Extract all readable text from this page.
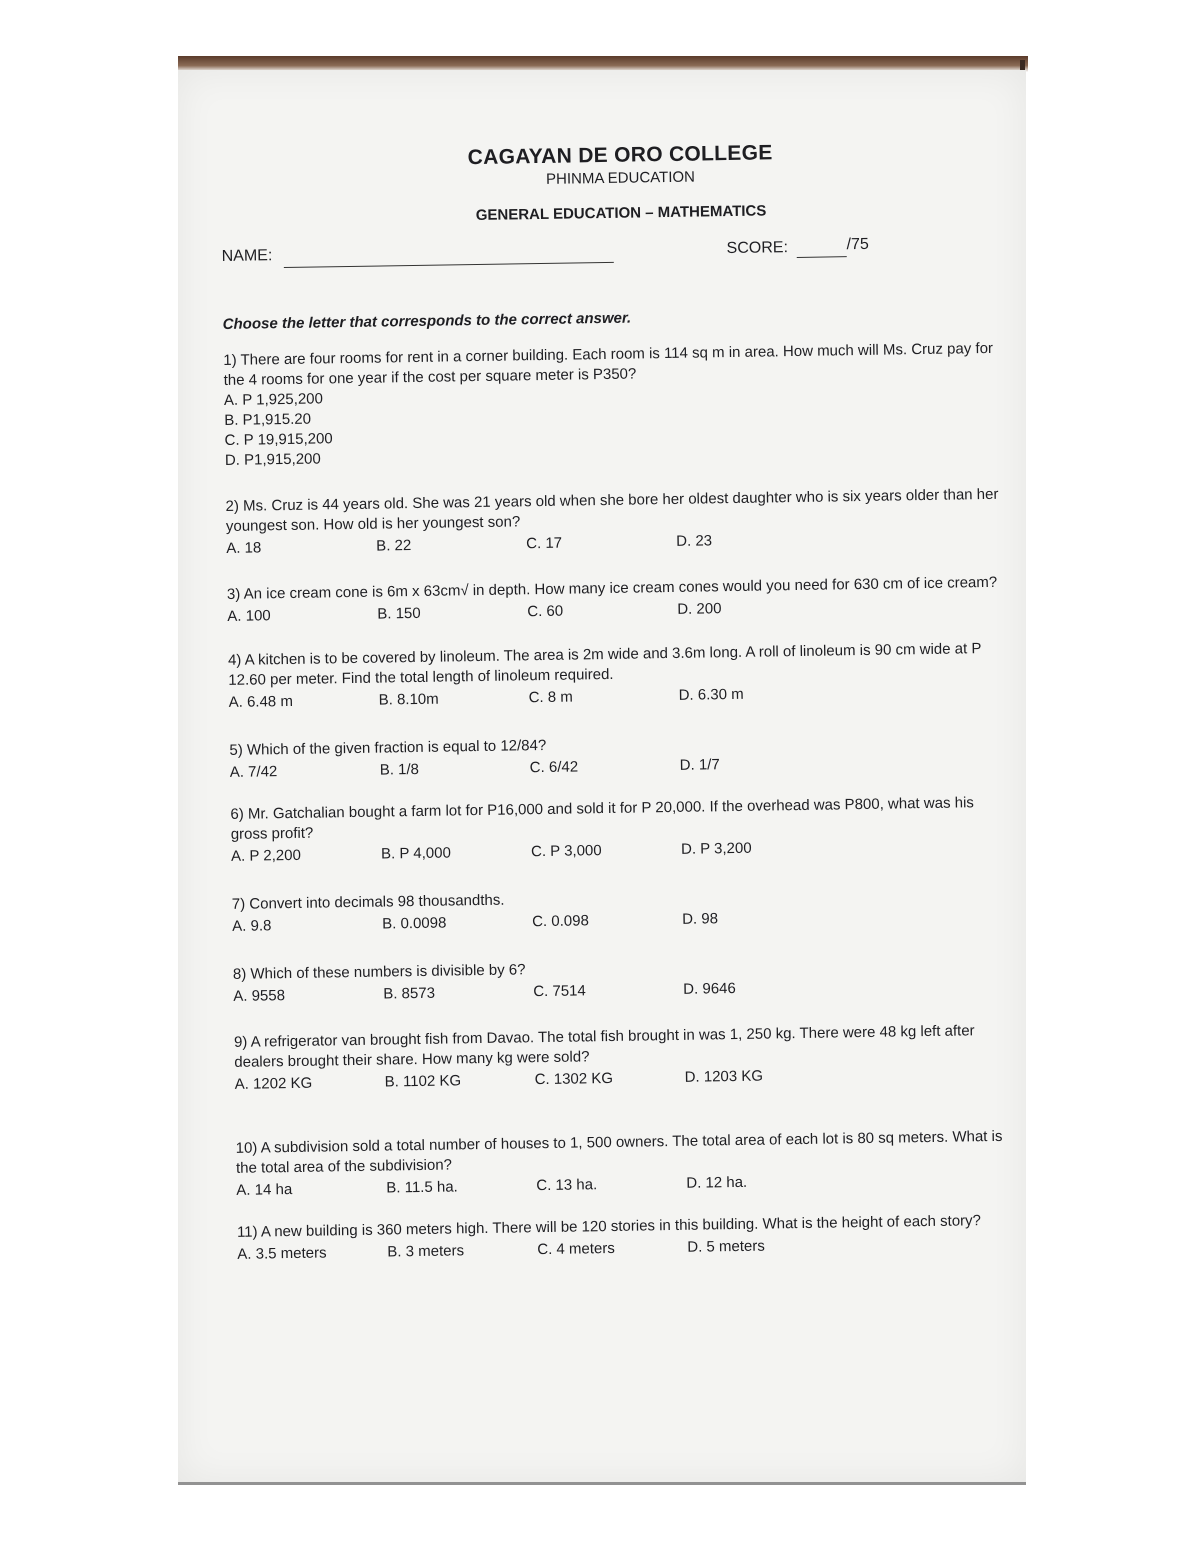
CAGAYAN DE ORO COLLEGE

PHINMA EDUCATION

GENERAL EDUCATION – MATHEMATICS

NAME:	SCORE:	/75

Choose the letter that corresponds to the correct answer.

1) There are four rooms for rent in a corner building. Each room is 114 sq m in area. How much will Ms. Cruz pay for the 4 rooms for one year if the cost per square meter is P350?

A. P 1,925,200
B. P1,915.20
C. P 19,915,200
D. P1,915,200

2) Ms. Cruz is 44 years old. She was 21 years old when she bore her oldest daughter who is six years older than her youngest son. How old is her youngest son?

A. 18	B. 22	C. 17	D. 23

3) An ice cream cone is 6m x 63cm√ in depth. How many ice cream cones would you need for 630 cm of ice cream?

A. 100	B. 150	C. 60	D. 200

4) A kitchen is to be covered by linoleum. The area is 2m wide and 3.6m long. A roll of linoleum is 90 cm wide at P 12.60 per meter. Find the total length of linoleum required.

A. 6.48 m	B. 8.10m	C. 8 m	D. 6.30 m

5) Which of the given fraction is equal to 12/84?

A. 7/42	B. 1/8	C. 6/42	D. 1/7

6) Mr. Gatchalian bought a farm lot for P16,000 and sold it for P 20,000. If the overhead was P800, what was his gross profit?

A. P 2,200	B. P 4,000	C. P 3,000	D. P 3,200

7) Convert into decimals 98 thousandths.

A. 9.8	B. 0.0098	C. 0.098	D. 98

8) Which of these numbers is divisible by 6?

A. 9558	B. 8573	C. 7514	D. 9646

9) A refrigerator van brought fish from Davao. The total fish brought in was 1, 250 kg. There were 48 kg left after dealers brought their share. How many kg were sold?

A. 1202 KG	B. 1102 KG	C. 1302 KG	D. 1203 KG

10) A subdivision sold a total number of houses to 1, 500 owners. The total area of each lot is 80 sq meters. What is the total area of the subdivision?

A. 14 ha	B. 11.5 ha.	C. 13 ha.	D. 12 ha.

11) A new building is 360 meters high. There will be 120 stories in this building. What is the height of each story?

A. 3.5 meters	B. 3 meters	C. 4 meters	D. 5 meters
